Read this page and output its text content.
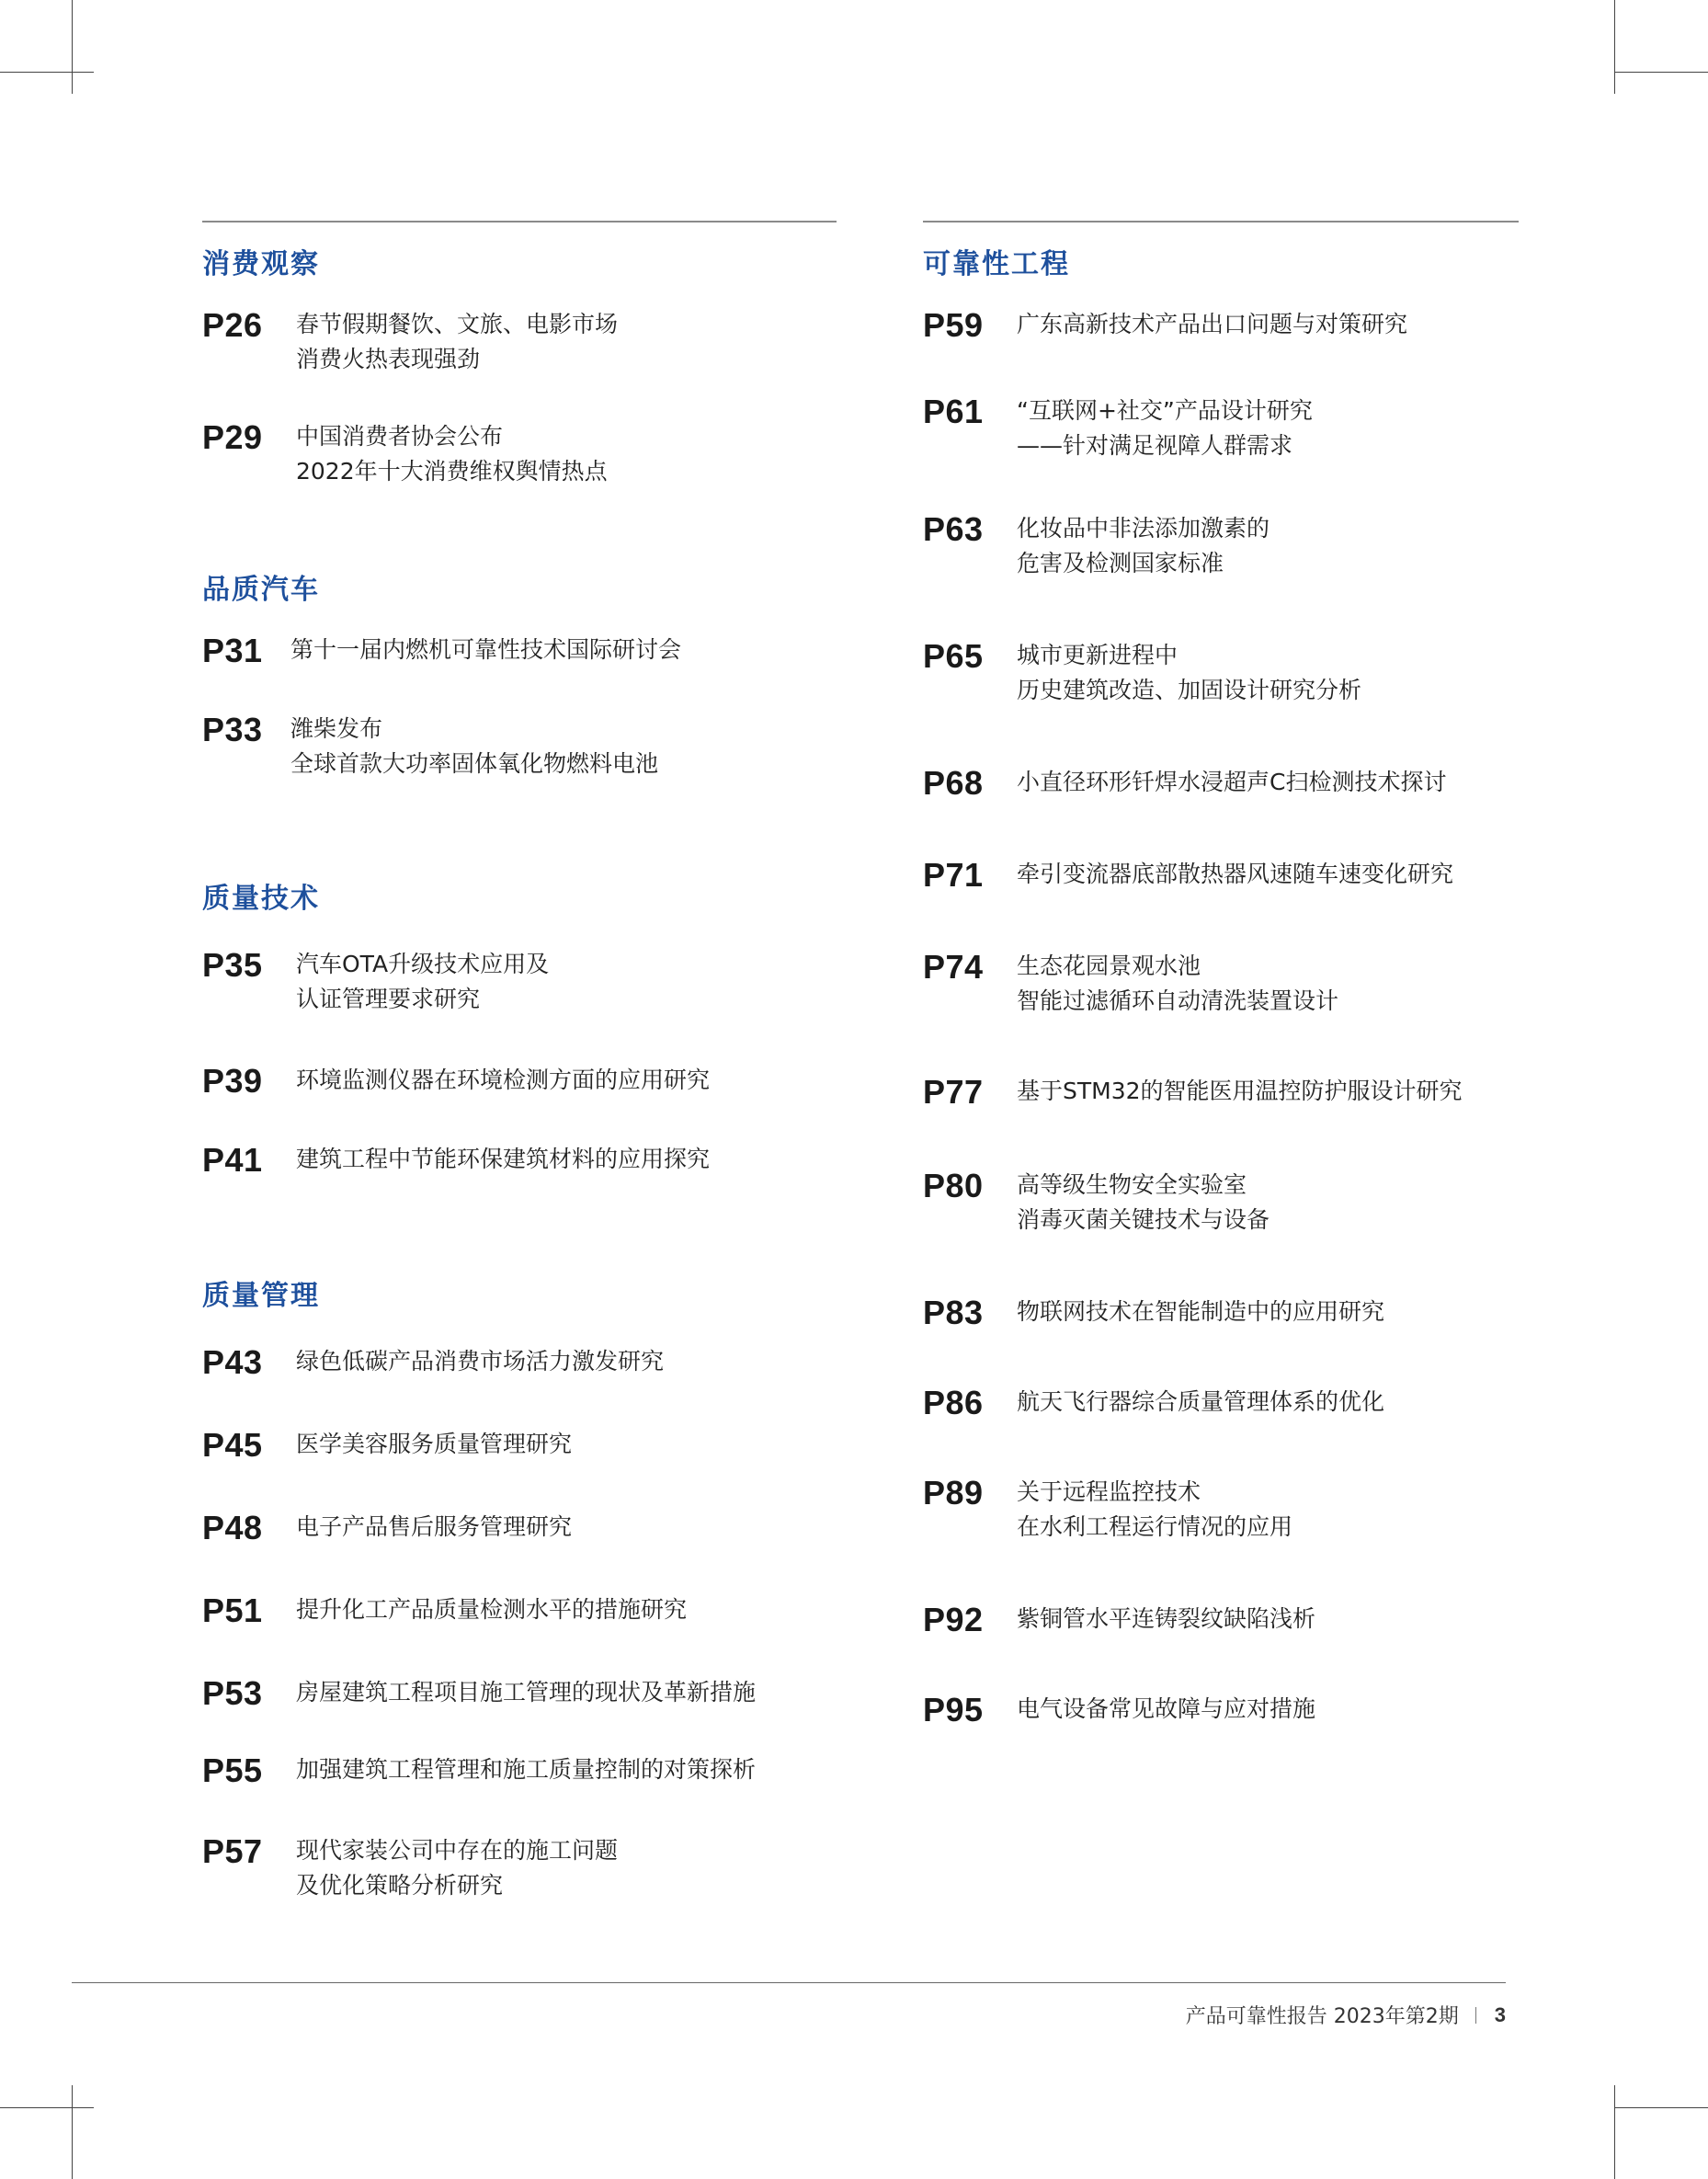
消费观察
P26	春节假期餐饮、文旅、电影市场
消费火热表现强劲
P29	中国消费者协会公布
2022年十大消费维权舆情热点
品质汽车
P31	第十一届内燃机可靠性技术国际研讨会
P33	潍柴发布
全球首款大功率固体氧化物燃料电池
质量技术
P35	汽车OTA升级技术应用及
认证管理要求研究
P39	环境监测仪器在环境检测方面的应用研究
P41	建筑工程中节能环保建筑材料的应用探究
质量管理
P43	绿色低碳产品消费市场活力激发研究
P45	医学美容服务质量管理研究
P48	电子产品售后服务管理研究
P51	提升化工产品质量检测水平的措施研究
P53	房屋建筑工程项目施工管理的现状及革新措施
P55	加强建筑工程管理和施工质量控制的对策探析
P57	现代家装公司中存在的施工问题
及优化策略分析研究
可靠性工程
P59	广东高新技术产品出口问题与对策研究
P61	“互联网+社交”产品设计研究
——针对满足视障人群需求
P63	化妆品中非法添加激素的
危害及检测国家标准
P65	城市更新进程中
历史建筑改造、加固设计研究分析
P68	小直径环形钎焊水浸超声C扫检测技术探讨
P71	牵引变流器底部散热器风速随车速变化研究
P74	生态花园景观水池
智能过滤循环自动清洗装置设计
P77	基于STM32的智能医用温控防护服设计研究
P80	高等级生物安全实验室
消毒灭菌关键技术与设备
P83	物联网技术在智能制造中的应用研究
P86	航天飞行器综合质量管理体系的优化
P89	关于远程监控技术
在水利工程运行情况的应用
P92	紫铜管水平连铸裂纹缺陷浅析
P95	电气设备常见故障与应对措施
产品可靠性报告 2023年第2期 3
